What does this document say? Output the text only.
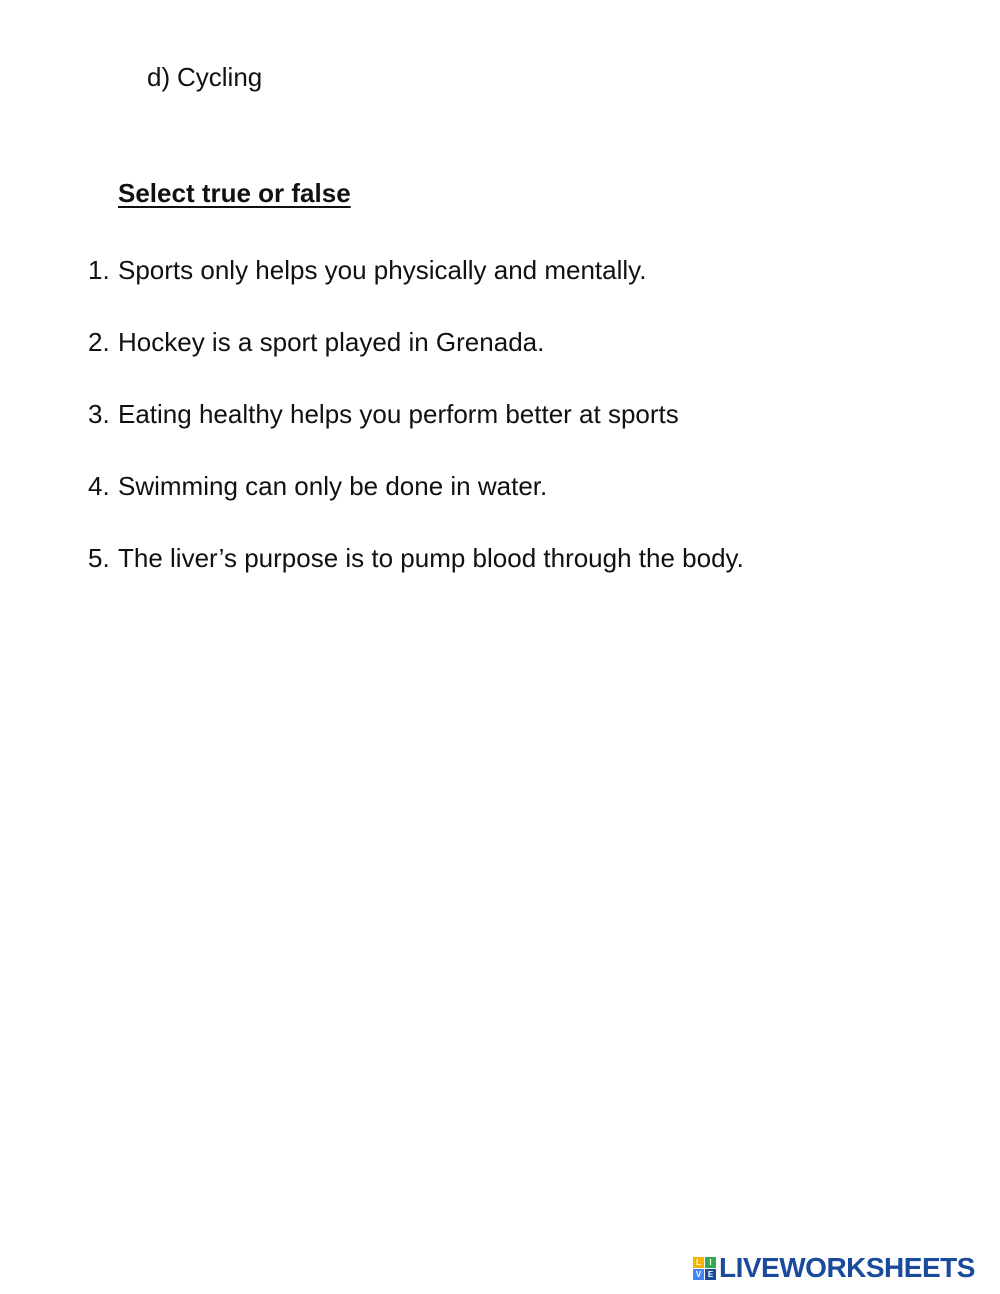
d) Cycling
Select true or false
1. Sports only helps you physically and mentally.
2. Hockey is a sport played in Grenada.
3. Eating healthy helps you perform better at sports
4. Swimming can only be done in water.
5. The liver’s purpose is to pump blood through the body.
L	I
V E LIVEWORKSHEETS
